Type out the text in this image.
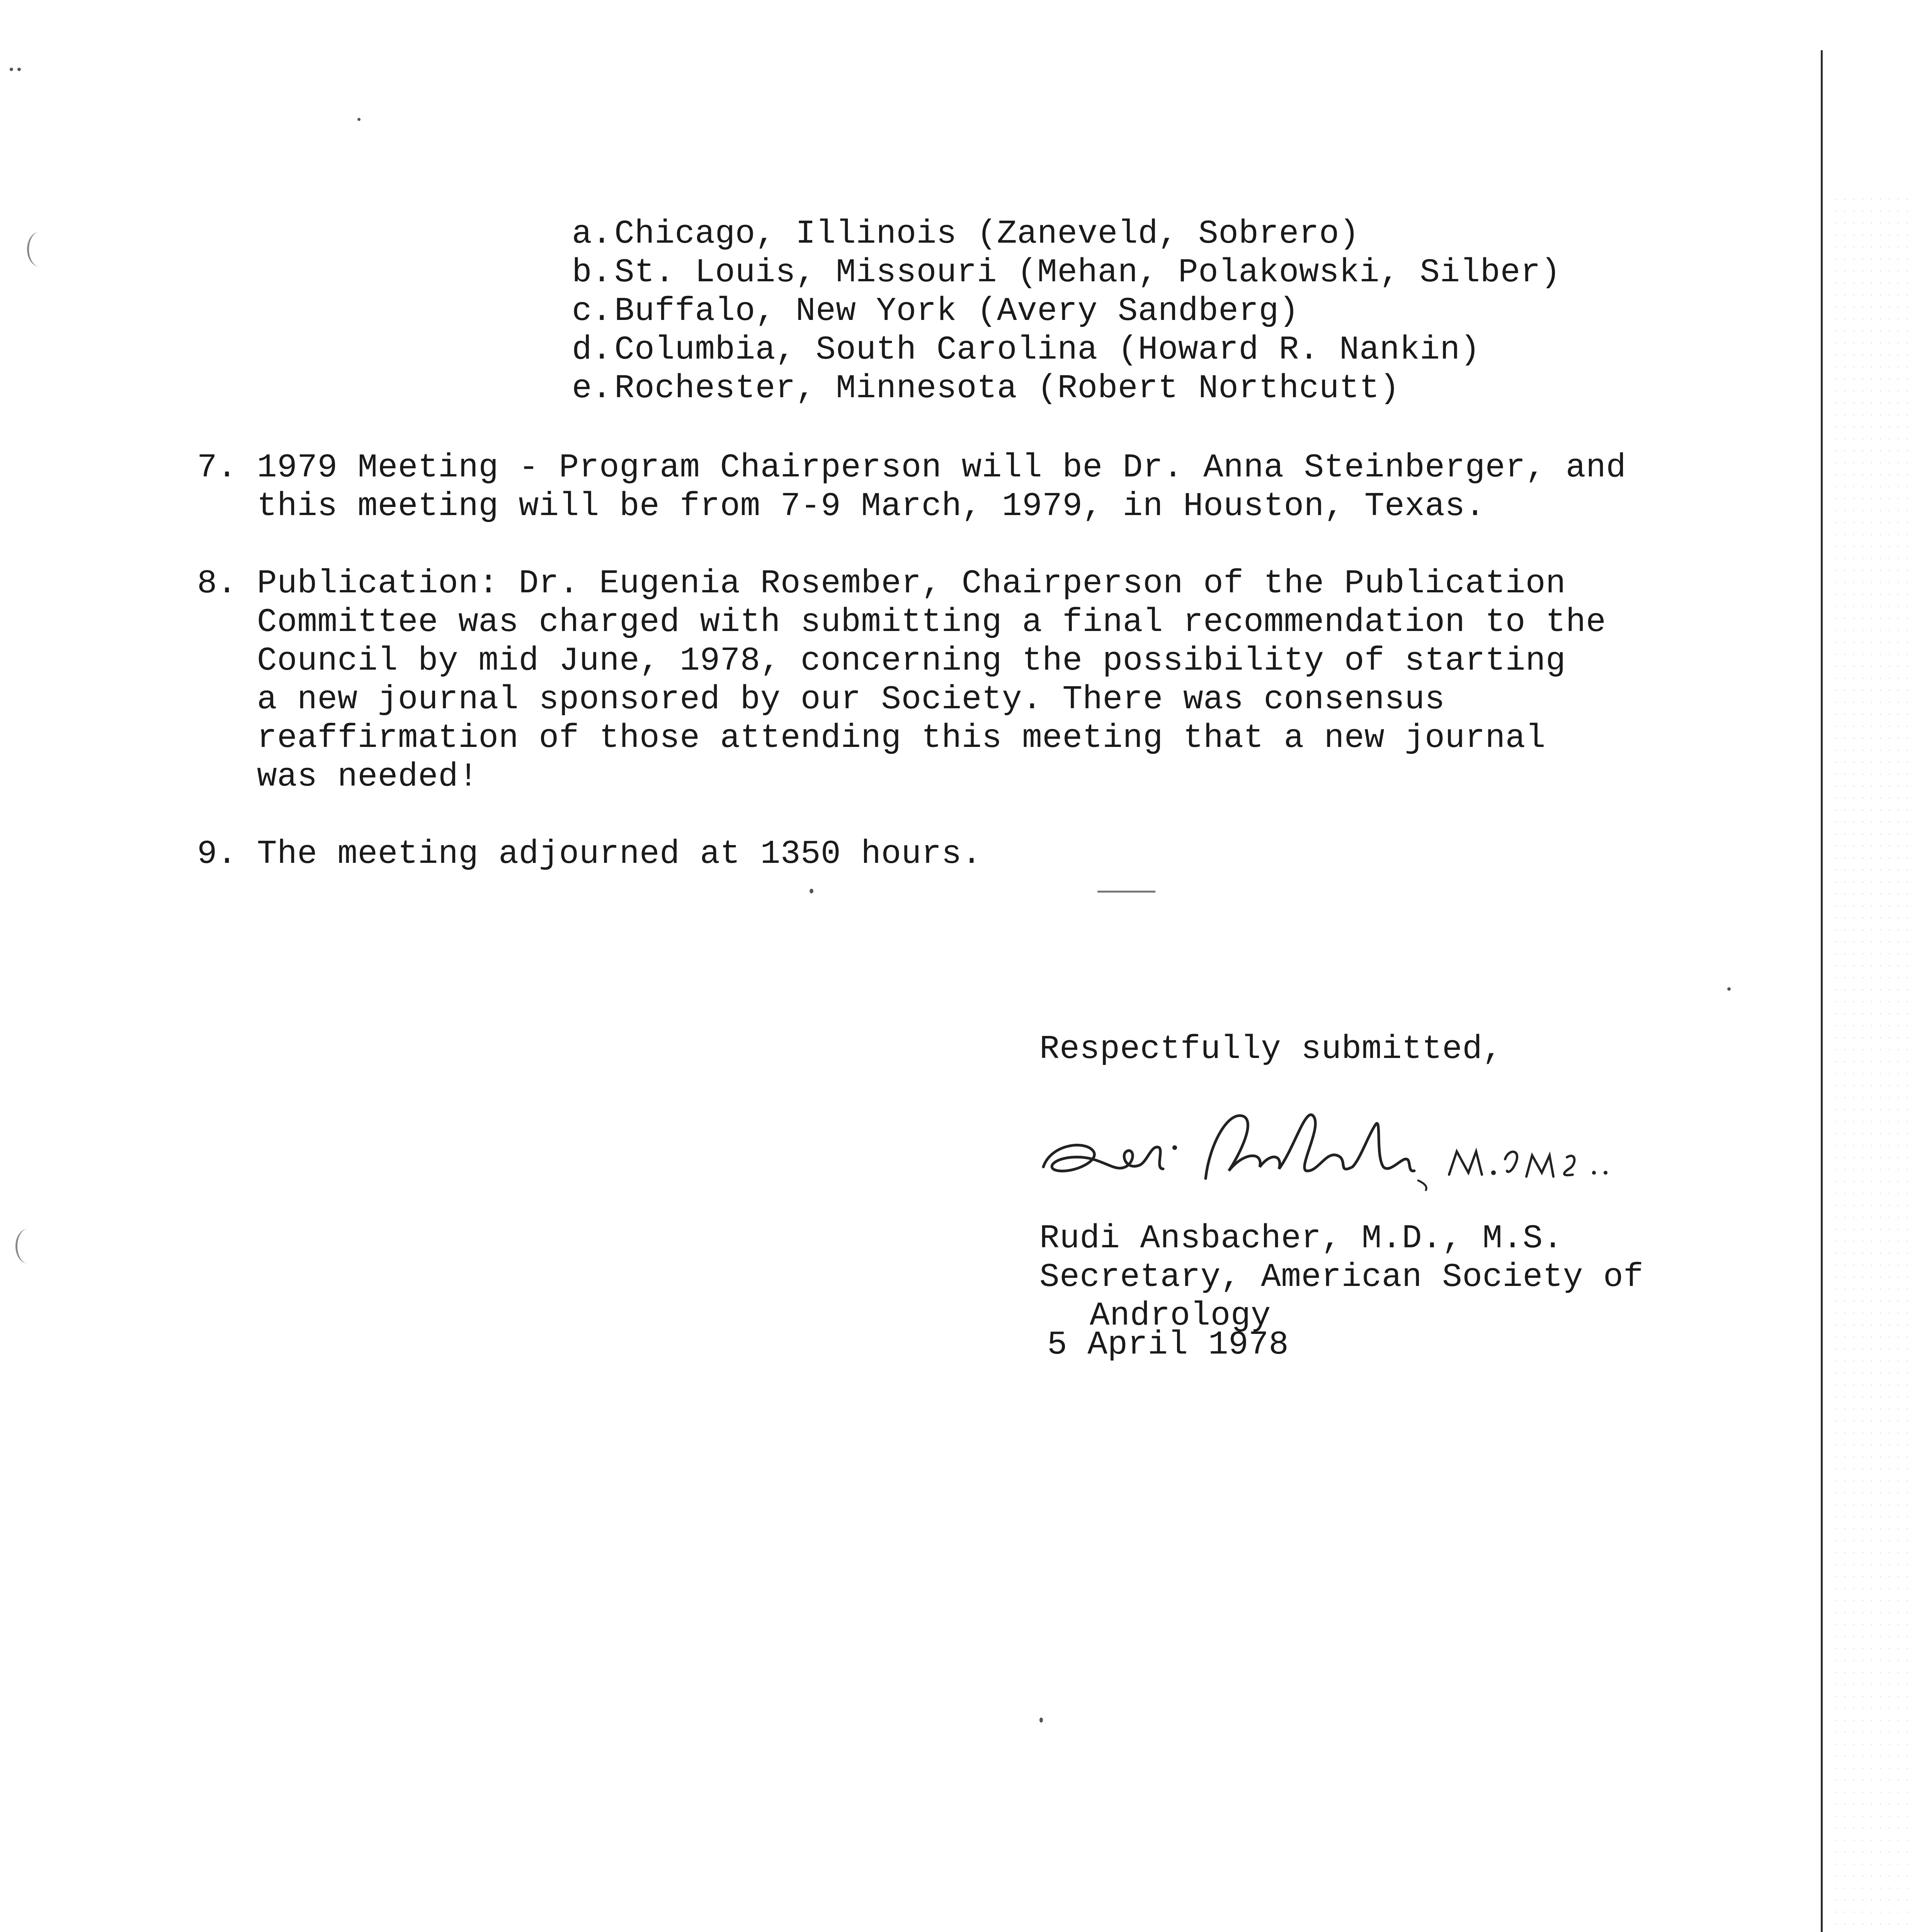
a. Chicago, Illinois (Zaneveld, Sobrero)
b. St. Louis, Missouri (Mehan, Polakowski, Silber)
c. Buffalo, New York (Avery Sandberg)
d. Columbia, South Carolina (Howard R. Nankin)
e. Rochester, Minnesota (Robert Northcutt)
7. 1979 Meeting - Program Chairperson will be Dr. Anna Steinberger, and
this meeting will be from 7-9 March, 1979, in Houston, Texas.
8. Publication: Dr. Eugenia Rosember, Chairperson of the Publication
Committee was charged with submitting a final recommendation to the
Council by mid June, 1978, concerning the possibility of starting
a new journal sponsored by our Society. There was consensus
reaffirmation of those attending this meeting that a new journal
was needed!
9. The meeting adjourned at 1350 hours.
Respectfully submitted,
Rudi Ansbacher, M.D., M.S.
Secretary, American Society of
Andrology
5 April 1978
